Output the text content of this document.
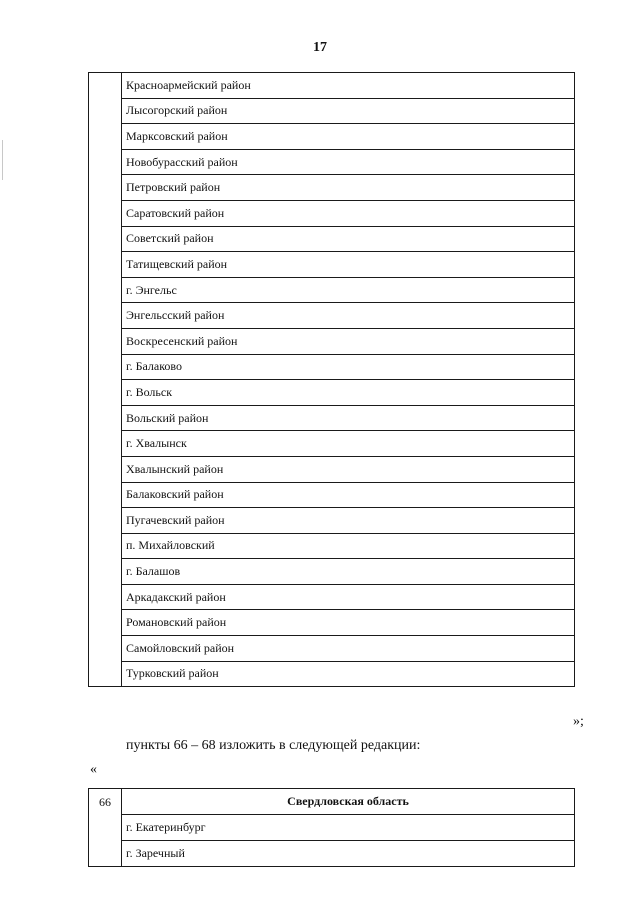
17
	Красноармейский район
Лысогорский район
Марксовский район
Новобурасский район
Петровский район
Саратовский район
Советский район
Татищевский район
г. Энгельс
Энгельсский район
Воскресенский район
г. Балаково
г. Вольск
Вольский район
г. Хвалынск
Хвалынский район
Балаковский район
Пугачевский район
п. Михайловский
г. Балашов
Аркадакский район
Романовский район
Самойловский район
Турковский район
»;
пункты 66 – 68 изложить в следующей редакции:
«
66	Свердловская область
г. Екатеринбург
г. Заречный
